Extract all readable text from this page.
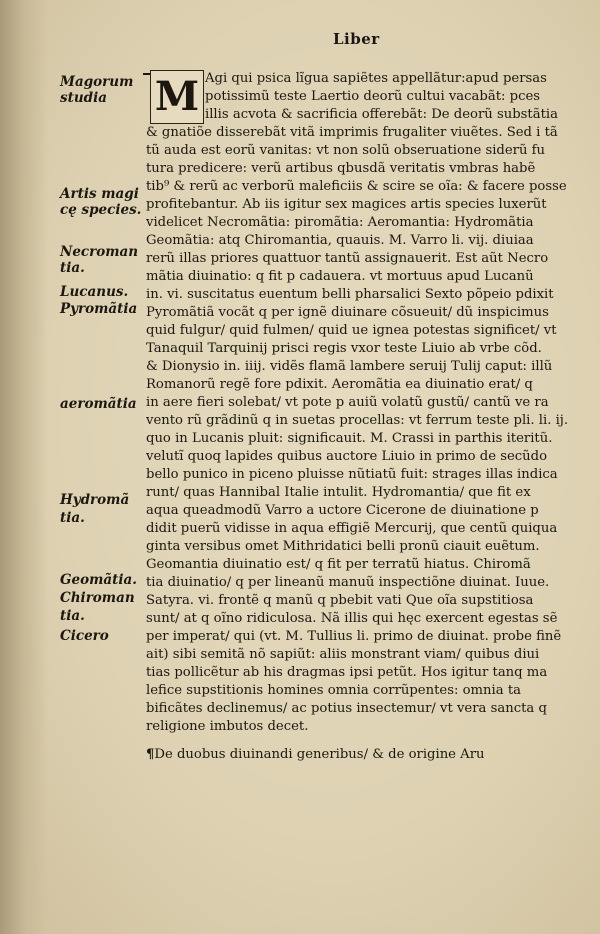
Liber
M
Magorum
studia
Artis magi
cę species.
Necroman
tia.
Lucanus.
Pyromãtia
aeromãtia
Hydromã
tia.
Geomãtia.
Chiroman
tia.
Cicero
Agi qui psica lĩgua sapiẽtes appellãtur:apud persas
potissimũ teste Laertio deorũ cultui vacabãt: pces
illis acvota & sacrificia offerebãt: De deorũ substãtia
& gnatiõe disserebãt vitã imprimis frugaliter viuẽtes. Sed i tã
tũ auda est eorũ vanitas: vt non solũ obseruatione siderũ fu
tura predicere: verũ artibus qbusdã veritatis vmbras habẽ
tib⁹ & rerũ ac verborũ maleficiis & scire se oĩa: & facere posse
profitebantur. Ab iis igitur sex magices artis species luxerũt
videlicet Necromãtia: piromãtia: Aeromantia: Hydromãtia
Geomãtia: atq Chiromantia, quauis. M. Varro li. vij. diuiaa
rerũ illas priores quattuor tantũ assignauerit. Est aũt Necro
mãtia diuinatio: q fit p cadauera. vt mortuus apud Lucanũ
in. vi. suscitatus euentum belli pharsalici Sexto põpeio pdixit
Pyromãtiã vocãt q per ignẽ diuinare cõsueuit/ dũ inspicimus
quid fulgur/ quid fulmen/ quid ue ignea potestas significet/ vt
Tanaquil Tarquinij prisci regis vxor teste Liuio ab vrbe cõd.
& Dionysio in. iiij. vidẽs flamã lambere seruij Tulij caput: illũ
Romanorũ regẽ fore pdixit. Aeromãtia ea diuinatio erat/ q
in aere fieri solebat/ vt pote p auiũ volatũ gustũ/ cantũ ve ra
vento rũ grãdinũ q in suetas procellas: vt ferrum teste pli. li. ij.
quo in Lucanis pluit: significauit. M. Crassi in parthis iteritũ.
velutĩ quoq lapides quibus auctore Liuio in primo de secũdo
bello punico in piceno pluisse nũtiatũ fuit: strages illas indica
runt/ quas Hannibal Italie intulit. Hydromantia/ que fit ex
aqua queadmodũ Varro a uctore Cicerone de diuinatione p
didit puerũ vidisse in aqua effigiẽ Mercurij, que centũ quiqua
ginta versibus omet Mithridatici belli pronũ ciauit euẽtum.
Geomantia diuinatio est/ q fit per terratũ hiatus. Chiromã
tia diuinatio/ q per lineanũ manuũ inspectiõne diuinat. Iuue.
Satyra. vi. frontẽ q manũ q pbebit vati Que oĩa supstitiosa
sunt/ at q oĩno ridiculosa. Nã illis qui hęc exercent egestas sẽ
per imperat/ qui (vt. M. Tullius li. primo de diuinat. probe finẽ
ait) sibi semitã nõ sapiũt: aliis monstrant viam/ quibus diui
tias pollicẽtur ab his dragmas ipsi petũt. Hos igitur tanq ma
lefice supstitionis homines omnia corrũpentes: omnia ta
bificãtes declinemus/ ac potius insectemur/ vt vera sancta q
religione imbutos decet.
¶De duobus diuinandi generibus/ & de origine Aru
